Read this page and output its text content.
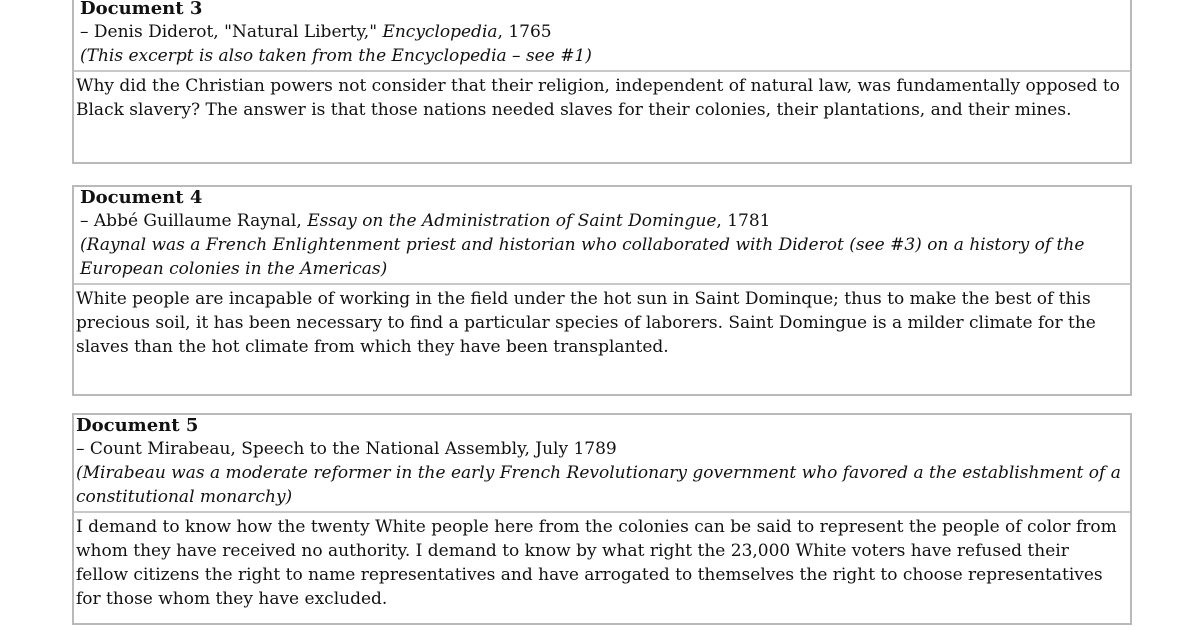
Document 3
– Denis Diderot, "Natural Liberty," Encyclopedia, 1765
(This excerpt is also taken from the Encyclopedia – see #1)

Why did the Christian powers not consider that their religion, independent of natural law, was fundamentally opposed to Black slavery? The answer is that those nations needed slaves for their colonies, their plantations, and their mines.

Document 4
– Abbé Guillaume Raynal, Essay on the Administration of Saint Domingue, 1781
(Raynal was a French Enlightenment priest and historian who collaborated with Diderot (see #3) on a history of the European colonies in the Americas)

White people are incapable of working in the field under the hot sun in Saint Dominque; thus to make the best of this precious soil, it has been necessary to find a particular species of laborers. Saint Domingue is a milder climate for the slaves than the hot climate from which they have been transplanted.

Document 5
– Count Mirabeau, Speech to the National Assembly, July 1789
(Mirabeau was a moderate reformer in the early French Revolutionary government who favored a the establishment of a constitutional monarchy)

I demand to know how the twenty White people here from the colonies can be said to represent the people of color from whom they have received no authority. I demand to know by what right the 23,000 White voters have refused their fellow citizens the right to name representatives and have arrogated to themselves the right to choose representatives for those whom they have excluded.
